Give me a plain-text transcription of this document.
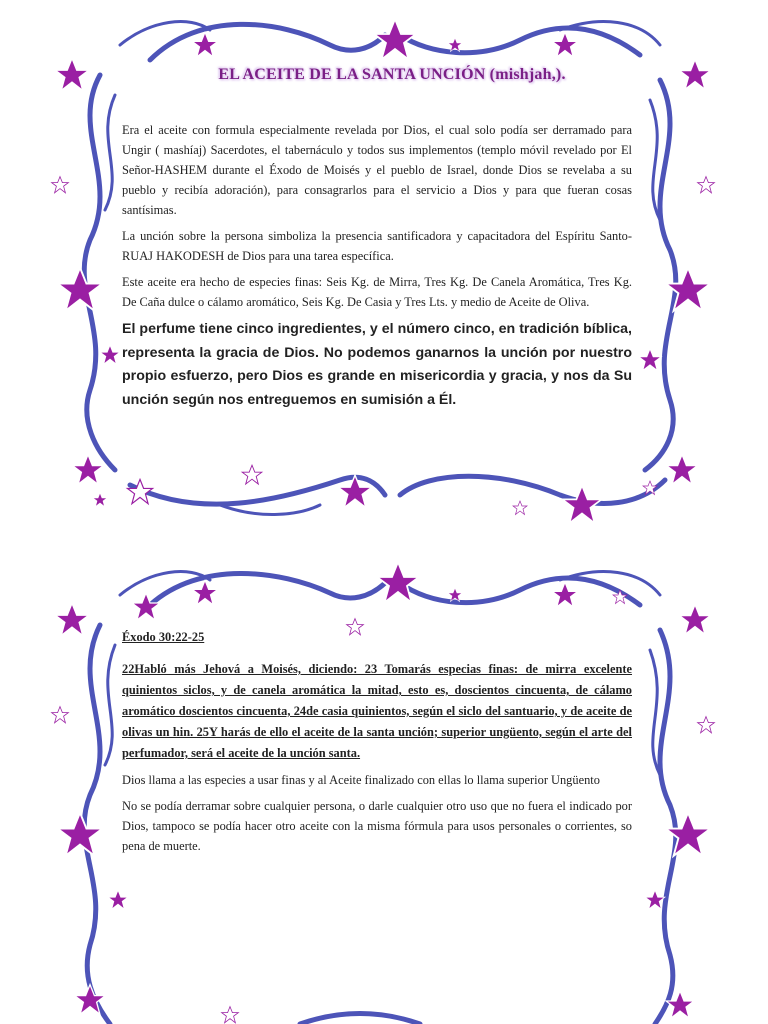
EL ACEITE DE LA SANTA UNCIÓN (mishjah,).

Era el aceite con formula especialmente revelada por Dios, el cual solo podía ser derramado para Ungir ( mashíaj) Sacerdotes, el tabernáculo y todos sus implementos (templo móvil revelado por El Señor-HASHEM durante el Éxodo de Moisés y el pueblo de Israel, donde Dios se revelaba a su pueblo y recibía adoración), para consagrarlos para el servicio a Dios y para que fueran cosas santísimas.

La unción sobre la persona simboliza la presencia santificadora y capacitadora del Espíritu Santo-RUAJ HAKODESH de Dios para una tarea específica.

Este aceite era hecho de especies finas: Seis Kg. de Mirra, Tres Kg. De Canela Aromática, Tres Kg. De Caña dulce o cálamo aromático, Seis Kg. De Casia y Tres Lts. y medio de Aceite de Oliva.

El perfume tiene cinco ingredientes, y el número cinco, en tradición bíblica, representa la gracia de Dios. No podemos ganarnos la unción por nuestro propio esfuerzo, pero Dios es grande en misericordia y gracia, y nos da Su unción según nos entreguemos en sumisión a Él.

Éxodo 30:22-25

22Habló más Jehová a Moisés, diciendo: 23 Tomarás especias finas: de mirra excelente quinientos siclos, y de canela aromática la mitad, esto es, doscientos cincuenta, de cálamo aromático doscientos cincuenta, 24de casia quinientos, según el siclo del santuario, y de aceite de olivas un hin. 25Y harás de ello el aceite de la santa unción; superior ungüento, según el arte del perfumador, será el aceite de la unción santa.

Dios llama a las especies a usar finas y al Aceite finalizado con ellas lo llama superior Ungüento

No se podía derramar sobre cualquier persona, o darle cualquier otro uso que no fuera el indicado por Dios, tampoco se podía hacer otro aceite con la misma fórmula para usos personales o corrientes, so pena de muerte.
